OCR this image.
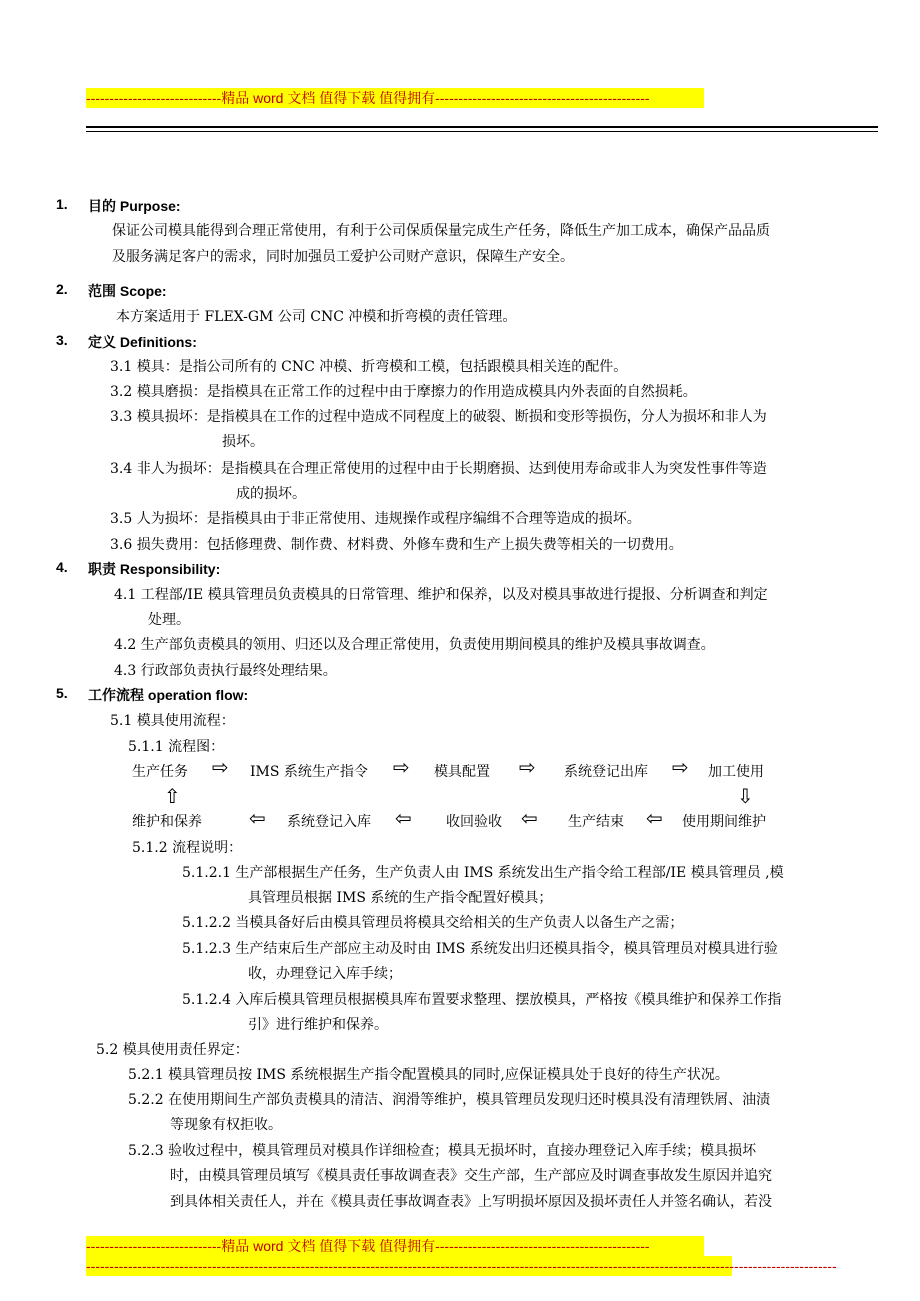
-----------------------------精品 word 文档 值得下载 值得拥有----------------------------------------------
1. 目的 Purpose:
保证公司模具能得到合理正常使用，有利于公司保质保量完成生产任务，降低生产加工成本，确保产品品质
及服务满足客户的需求，同时加强员工爱护公司财产意识，保障生产安全。
2. 范围 Scope:
本方案适用于 FLEX-GM 公司 CNC 冲模和折弯模的责任管理。
3. 定义 Definitions:
3.1 模具：是指公司所有的 CNC 冲模、折弯模和工模，包括跟模具相关连的配件。
3.2 模具磨损：是指模具在正常工作的过程中由于摩擦力的作用造成模具内外表面的自然损耗。
3.3 模具损坏：是指模具在工作的过程中造成不同程度上的破裂、断损和变形等损伤，分人为损坏和非人为
损坏。
3.4 非人为损坏：是指模具在合理正常使用的过程中由于长期磨损、达到使用寿命或非人为突发性事件等造
成的损坏。
3.5 人为损坏：是指模具由于非正常使用、违规操作或程序编缉不合理等造成的损坏。
3.6 损失费用：包括修理费、制作费、材料费、外修车费和生产上损失费等相关的一切费用。
4. 职责 Responsibility:
4.1 工程部/IE 模具管理员负责模具的日常管理、维护和保养，以及对模具事故进行提报、分析调查和判定
处理。
4.2 生产部负责模具的领用、归还以及合理正常使用，负责使用期间模具的维护及模具事故调查。
4.3 行政部负责执行最终处理结果。
5. 工作流程 operation flow:
5.1 模具使用流程：
5.1.1 流程图：
生产任务 ⇨ IMS 系统生产指令 ⇨ 模具配置 ⇨ 系统登记出库 ⇨ 加工使用
⇧	⇩
维护和保养 ⇦ 系统登记入库 ⇦ 收回验收 ⇦ 生产结束 ⇦ 使用期间维护
5.1.2 流程说明：
5.1.2.1 生产部根据生产任务，生产负责人由 IMS 系统发出生产指令给工程部/IE 模具管理员 ,模
具管理员根据 IMS 系统的生产指令配置好模具；
5.1.2.2 当模具备好后由模具管理员将模具交给相关的生产负责人以备生产之需；
5.1.2.3 生产结束后生产部应主动及时由 IMS 系统发出归还模具指令，模具管理员对模具进行验
收，办理登记入库手续；
5.1.2.4 入库后模具管理员根据模具库布置要求整理、摆放模具，严格按《模具维护和保养工作指
引》进行维护和保养。
5.2 模具使用责任界定：
5.2.1 模具管理员按 IMS 系统根据生产指令配置模具的同时,应保证模具处于良好的待生产状况。
5.2.2 在使用期间生产部负责模具的清洁、润滑等维护，模具管理员发现归还时模具没有清理铁屑、油渍
等现象有权拒收。
5.2.3 验收过程中，模具管理员对模具作详细检查；模具无损坏时，直接办理登记入库手续；模具损坏
时，由模具管理员填写《模具责任事故调查表》交生产部，生产部应及时调查事故发生原因并追究
到具体相关责任人，并在《模具责任事故调查表》上写明损坏原因及损坏责任人并签名确认，若没
-----------------------------精品 word 文档 值得下载 值得拥有----------------------------------------------
-----------------------------------------------------------------------------------------------------------------------------------------------------------------
